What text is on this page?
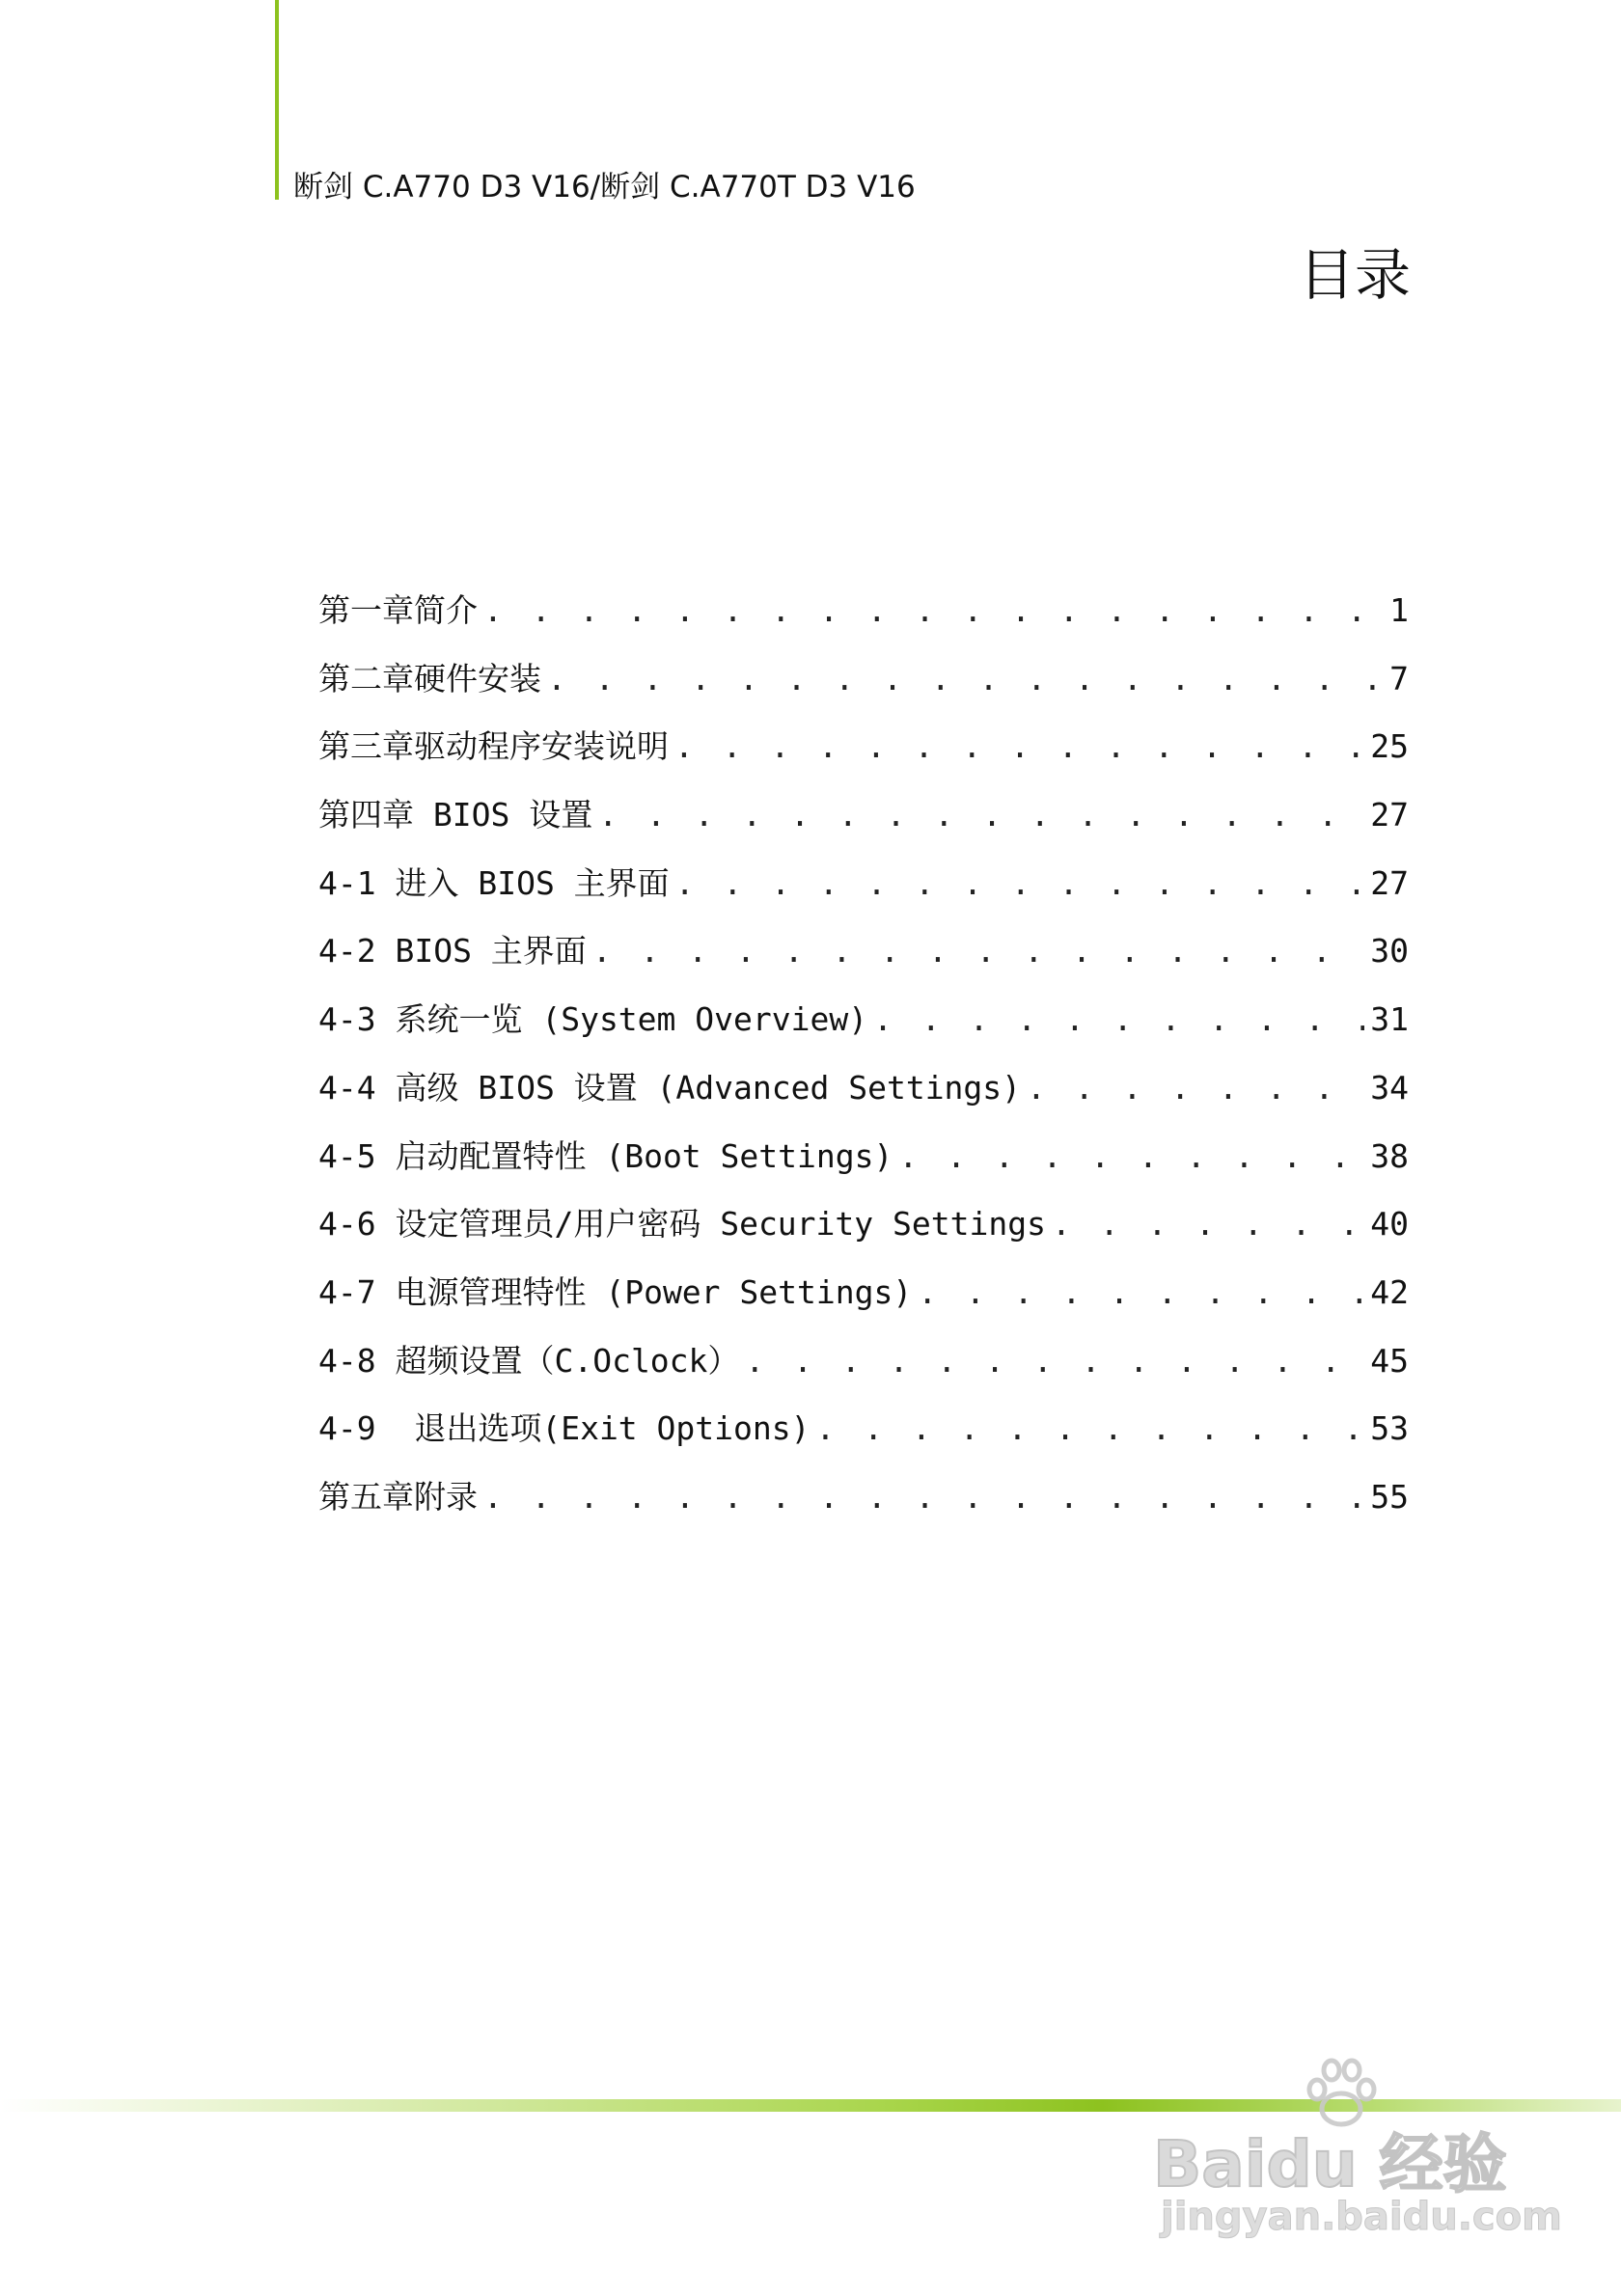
断剑 C.A770 D3 V16/断剑 C.A770T D3 V16
目录
第一章简介 . . .	1
第二章硬件安装 . . .	7
第三章驱动程序安装说明 . . .	25
第四章 BIOS 设置 . . .	27
4-1 进入 BIOS 主界面 . . .	27
4-2 BIOS 主界面 . . .	30
4-3 系统一览 (System Overview) . . .	31
4-4 高级 BIOS 设置 (Advanced Settings) . . .	34
4-5 启动配置特性 (Boot Settings) . . .	38
4-6 设定管理员/用户密码 Security Settings . . .	40
4-7 电源管理特性 (Power Settings) . . .	42
4-8 超频设置（C.Oclock） . . .	45
4-9  退出选项(Exit Options) . . .	53
第五章附录 . . .	55
Baidu 经验
jingyan.baidu.com
